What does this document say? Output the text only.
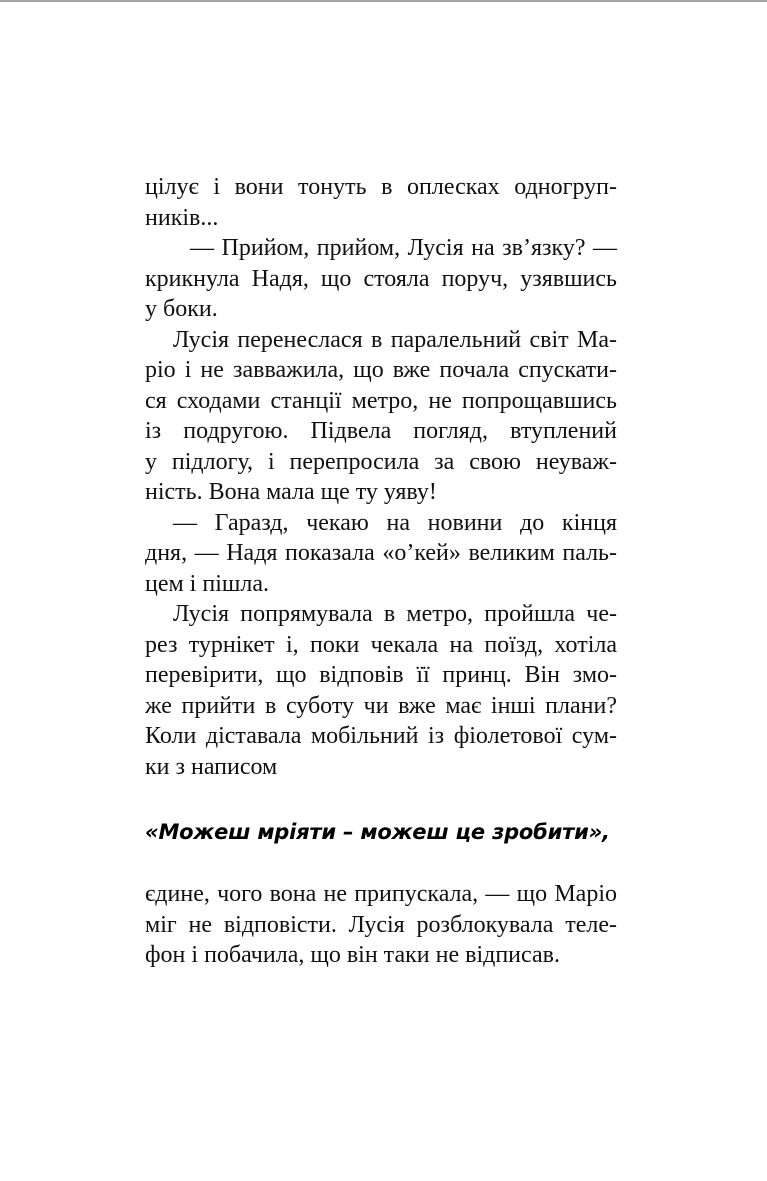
цілує і вони тонуть в оплесках одногруп-
ників...
— Прийом, прийом, Лусія на зв’язку? —
крикнула Надя, що стояла поруч, узявшись
у боки.
Лусія перенеслася в паралельний світ Ма-
ріо і не завважила, що вже почала спускати-
ся сходами станції метро, не попрощавшись
із подругою. Підвела погляд, втуплений
у підлогу, і перепросила за свою неуваж-
ність. Вона мала ще ту уяву!
— Гаразд, чекаю на новини до кінця
дня, — Надя показала «о’кей» великим паль-
цем і пішла.
Лусія попрямувала в метро, пройшла че-
рез турнікет і, поки чекала на поїзд, хотіла
перевірити, що відповів її принц. Він змо-
же прийти в суботу чи вже має інші плани?
Коли діставала мобільний із фіолетової сум-
ки з написом
«Можеш мріяти – можеш це зробити»,
єдине, чого вона не припускала, — що Маріо
міг не відповісти. Лусія розблокувала теле-
фон і побачила, що він таки не відписав.
